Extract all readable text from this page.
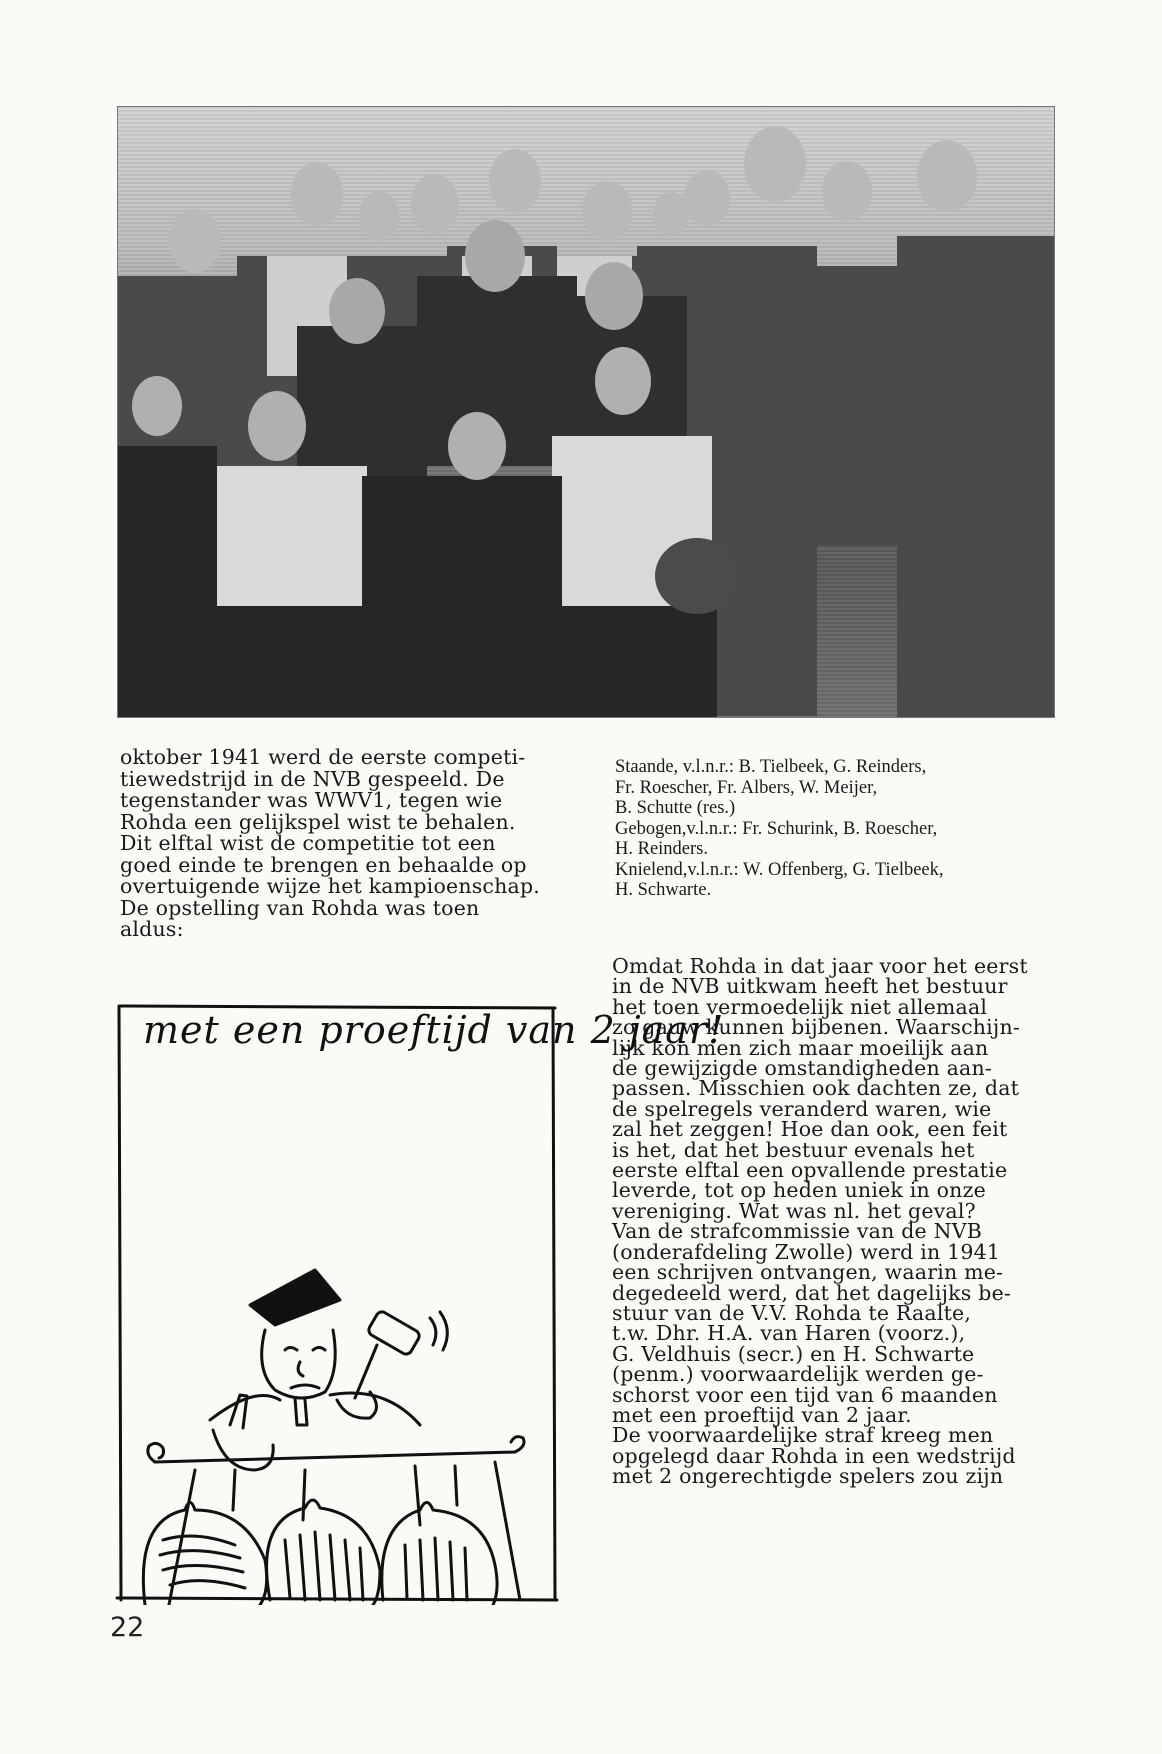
oktober 1941 werd de eerste competi-
tiewedstrijd in de NVB gespeeld. De
tegenstander was WWV1, tegen wie
Rohda een gelijkspel wist te behalen.
Dit elftal wist de competitie tot een
goed einde te brengen en behaalde op
overtuigende wijze het kampioenschap.
De opstelling van Rohda was toen
aldus:
Staande, v.l.n.r.: B. Tielbeek, G. Reinders,
Fr. Roescher, Fr. Albers, W. Meijer,
B. Schutte (res.)
Gebogen,v.l.n.r.: Fr. Schurink, B. Roescher,
H. Reinders.
Knielend,v.l.n.r.: W. Offenberg, G. Tielbeek,
H. Schwarte.
Omdat Rohda in dat jaar voor het eerst
in de NVB uitkwam heeft het bestuur
het toen vermoedelijk niet allemaal
zo gauw kunnen bijbenen. Waarschijn-
lijk kon men zich maar moeilijk aan
de gewijzigde omstandigheden aan-
passen. Misschien ook dachten ze, dat
de spelregels veranderd waren, wie
zal het zeggen! Hoe dan ook, een feit
is het, dat het bestuur evenals het
eerste elftal een opvallende prestatie
leverde, tot op heden uniek in onze
vereniging. Wat was nl. het geval?
Van de strafcommissie van de NVB
(onderafdeling Zwolle) werd in 1941
een schrijven ontvangen, waarin me-
degedeeld werd, dat het dagelijks be-
stuur van de V.V. Rohda te Raalte,
t.w. Dhr. H.A. van Haren (voorz.),
G. Veldhuis (secr.) en H. Schwarte
(penm.) voorwaardelijk werden ge-
schorst voor een tijd van 6 maanden
met een proeftijd van 2 jaar.
De voorwaardelijke straf kreeg men
opgelegd daar Rohda in een wedstrijd
met 2 ongerechtigde spelers zou zijn
met een proeftijd van 2 jaar!
22
